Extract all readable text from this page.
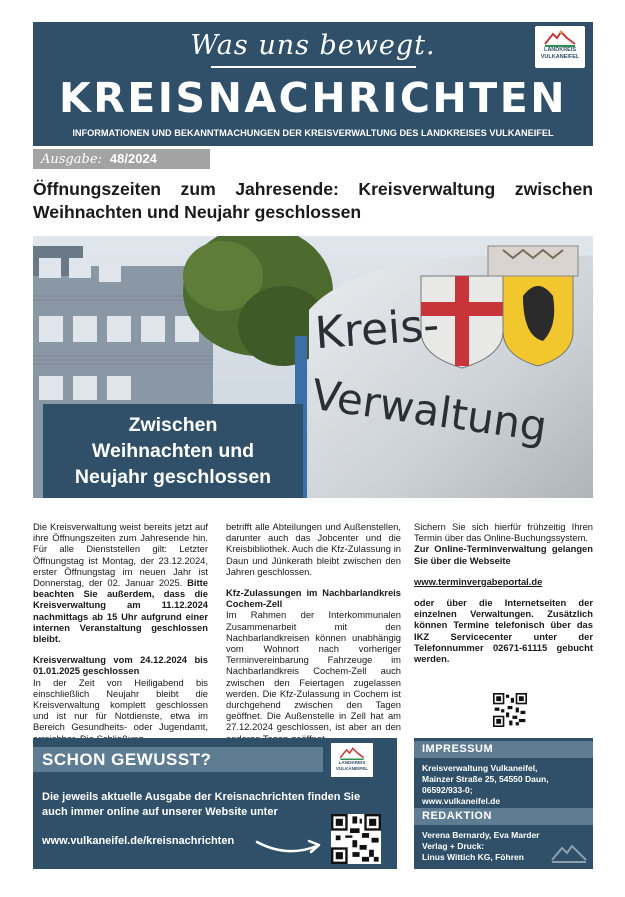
Was uns bewegt.
KREISNACHRICHTEN
INFORMATIONEN UND BEKANNTMACHUNGEN DER KREISVERWALTUNG DES LANDKREISES VULKANEIFEL
LANDKREIS
VULKANEIFEL
Ausgabe: 48/2024
Öffnungszeiten zum Jahresende: Kreisverwaltung zwischen Weihnachten und Neujahr geschlossen
Kreis-
Verwaltung
Zwischen
Weihnachten und
Neujahr geschlossen

Die Kreisverwaltung weist bereits jetzt auf ihre Öffnungszeiten zum Jahresende hin. Für alle Dienststellen gilt: Letzter Öffnungstag ist Montag, der 23.12.2024, erster Öffnungstag im neuen Jahr ist Donnerstag, der 02. Januar 2025. Bitte beachten Sie außerdem, dass die Kreisverwaltung am 11.12.2024 nachmittags ab 15 Uhr aufgrund einer internen Veranstaltung geschlossen bleibt.

Kreisverwaltung vom 24.12.2024 bis 01.01.2025 geschlossen

In der Zeit von Heiligabend bis einschließlich Neujahr bleibt die Kreisverwaltung komplett geschlossen und ist nur für Notdienste, etwa im Bereich Gesundheits- oder Jugendamt,

betrifft alle Abteilungen und Außenstellen, darunter auch das Jobcenter und die Kreisbibliothek. Auch die Kfz-Zulassung in Daun und Jünkerath bleibt zwischen den Jahren geschlossen.

Kfz-Zulassungen im Nachbarlandkreis Cochem-Zell

Im Rahmen der Interkommunalen Zusammenarbeit mit den Nachbarlandkreisen können unabhängig vom Wohnort nach vorheriger Terminvereinbarung Fahrzeuge im Nachbarlandkreis Cochem-Zell auch zwischen den Feiertagen zugelassen werden. Die Kfz-Zulassung in Cochem ist durchgehend zwischen den Tagen geöffnet. Die Außenstelle in Zell hat am 27.12.2024 geschlossen, ist aber an den

Sichern Sie sich hierfür frühzeitig Ihren Termin über das Online-Buchungssystem.

Zur Online-Terminverwaltung gelangen Sie über die Webseite

www.terminvergabeportal.de

oder über die Internetseiten der einzelnen Verwaltungen. Zusätzlich können Termine telefonisch über das IKZ Servicecenter unter der Telefonnummer 02671-61115 gebucht werden.

SCHON GEWUSST?	LANDKREIS
VULKANEIFEL

Die jeweils aktuelle Ausgabe der Kreisnachrichten finden Sie auch immer online auf unserer Website unter

www.vulkaneifel.de/kreisnachrichten
IMPRESSUM
Kreisverwaltung Vulkaneifel,
Mainzer Straße 25, 54550 Daun,
06592/933-0;
www.vulkaneifel.de
REDAKTION
Verena Bernardy, Eva Marder
Verlag + Druck:
Linus Wittich KG, Föhren
